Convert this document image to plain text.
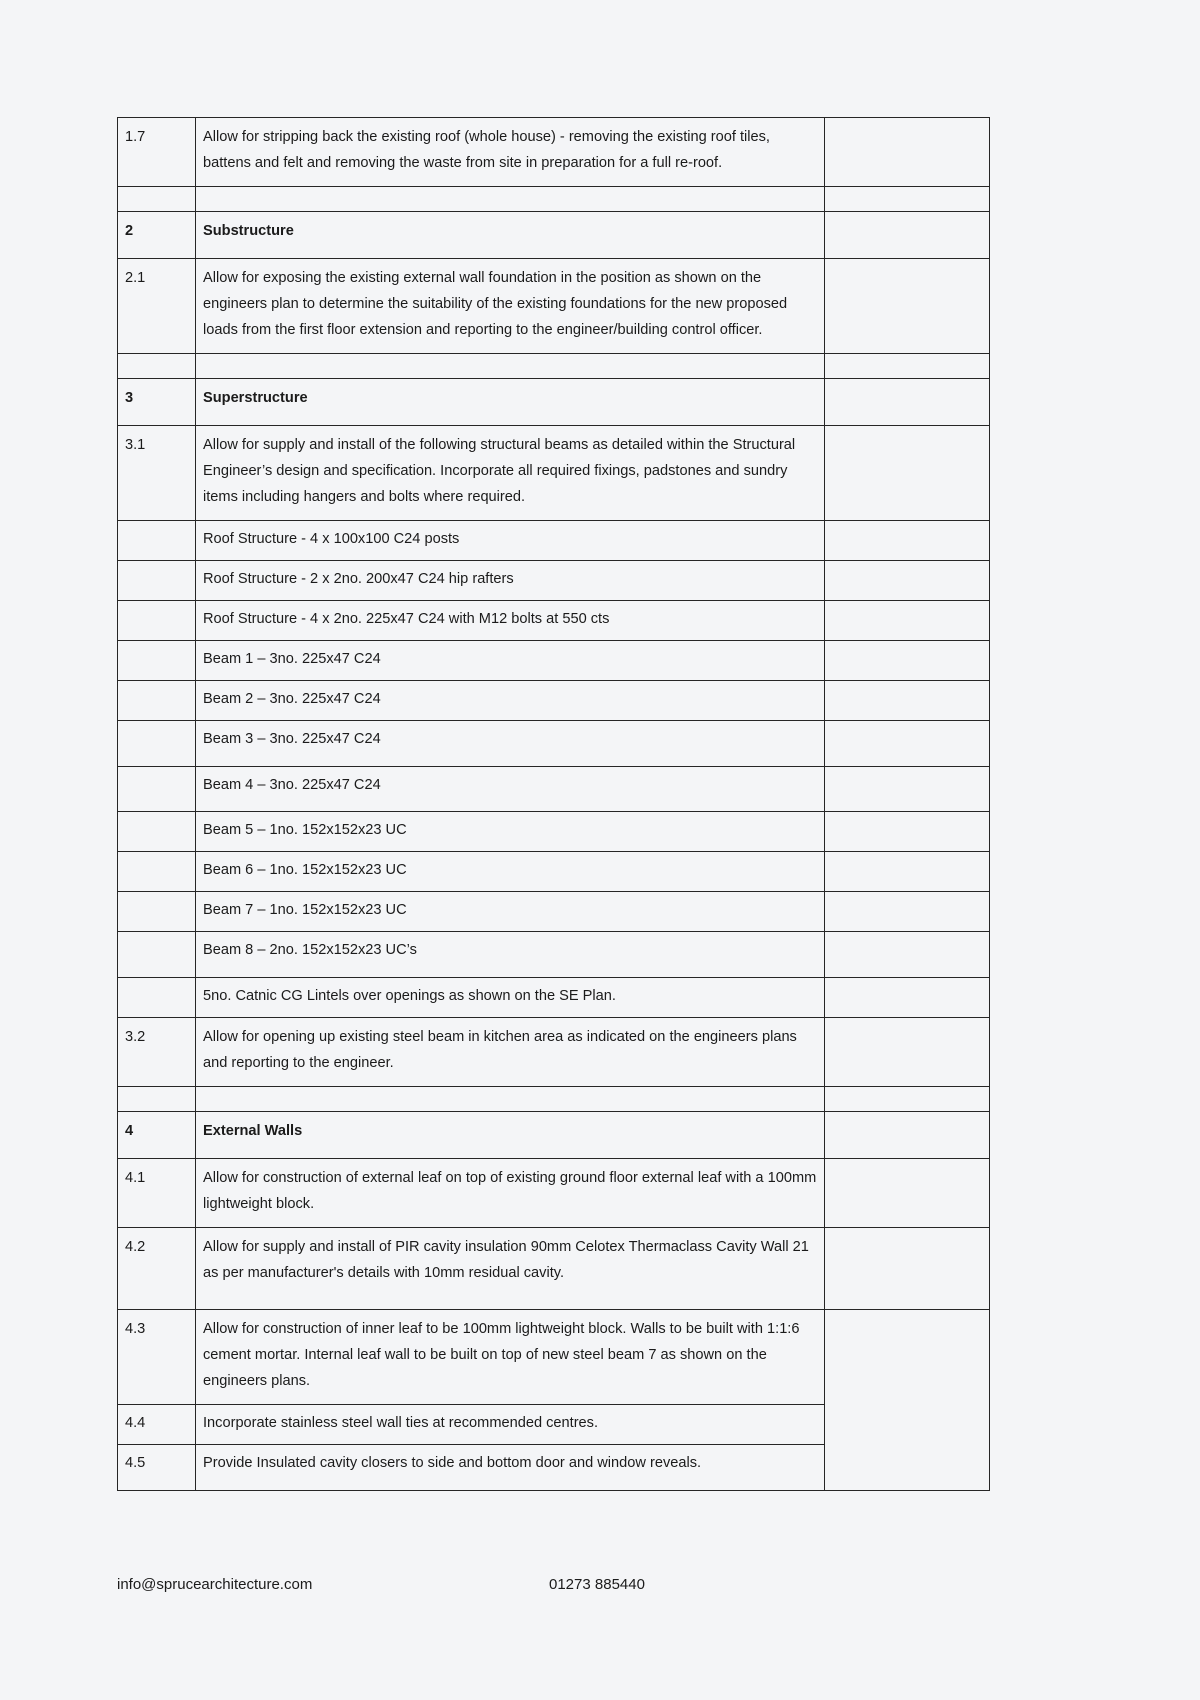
1.7	Allow for stripping back the existing roof (whole house) - removing the existing roof tiles, battens and felt and removing the waste from site in preparation for a full re-roof.	

2	Substructure	
2.1	Allow for exposing the existing external wall foundation in the position as shown on the engineers plan to determine the suitability of the existing foundations for the new proposed loads from the first floor extension and reporting to the engineer/building control officer.	

3	Superstructure	
3.1	Allow for supply and install of the following structural beams as detailed within the Structural Engineer’s design and specification. Incorporate all required fixings, padstones and sundry items including hangers and bolts where required.	
	Roof Structure - 4 x 100x100 C24 posts	
	Roof Structure - 2 x 2no. 200x47 C24 hip rafters	
	Roof Structure - 4 x 2no. 225x47 C24 with M12 bolts at 550 cts	
	Beam 1 – 3no. 225x47 C24	
	Beam 2 – 3no. 225x47 C24	
	Beam 3 – 3no. 225x47 C24	
	Beam 4 – 3no. 225x47 C24	
	Beam 5 – 1no. 152x152x23 UC	
	Beam 6 – 1no. 152x152x23 UC	
	Beam 7 – 1no. 152x152x23 UC	
	Beam 8 – 2no. 152x152x23 UC’s	
	5no. Catnic CG Lintels over openings as shown on the SE Plan.	
3.2	Allow for opening up existing steel beam in kitchen area as indicated on the engineers plans and reporting to the engineer.	

4	External Walls	
4.1	Allow for construction of external leaf on top of existing ground floor external leaf with a 100mm lightweight block.	
4.2	Allow for supply and install of PIR cavity insulation 90mm Celotex Thermaclass Cavity Wall 21 as per manufacturer's details with 10mm residual cavity.	
4.3	Allow for construction of inner leaf to be 100mm lightweight block. Walls to be built with 1:1:6 cement mortar. Internal leaf wall to be built on top of new steel beam 7 as shown on the engineers plans.	
4.4	Incorporate stainless steel wall ties at recommended centres.	
4.5	Provide Insulated cavity closers to side and bottom door and window reveals.	
info@sprucearchitecture.com	01273 885440
